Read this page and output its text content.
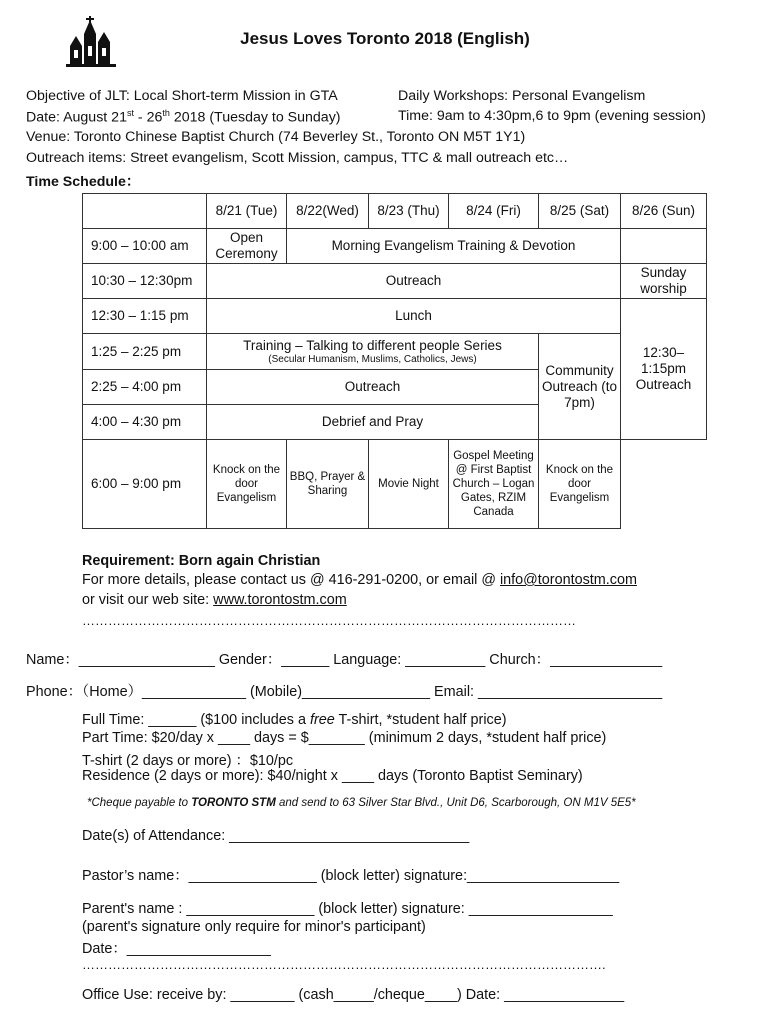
Jesus Loves Toronto 2018 (English)
Objective of JLT: Local Short-term Mission in GTA	Daily Workshops: Personal Evangelism
Date: August 21st - 26th 2018 (Tuesday to Sunday)	Time: 9am to 4:30pm,6 to 9pm (evening session)
Venue: Toronto Chinese Baptist Church (74 Beverley St., Toronto ON M5T 1Y1)
Outreach items: Street evangelism, Scott Mission, campus, TTC & mall outreach etc…
Time Schedule：
	8/21 (Tue)	8/22(Wed)	8/23 (Thu)	8/24 (Fri)	8/25 (Sat)	8/26 (Sun)
9:00 – 10:00 am	Open Ceremony	Morning Evangelism Training & Devotion				
10:30 – 12:30pm	Outreach					Sunday worship
12:30 – 1:15 pm	Lunch					12:30– 1:15pm Outreach
1:25 – 2:25 pm	Training – Talking to different people Series
(Secular Humanism, Muslims, Catholics, Jews)				Community Outreach (to 7pm)	
2:25 – 4:00 pm	Outreach					
4:00 – 4:30 pm	Debrief and Pray					
6:00 – 9:00 pm	Knock on the door Evangelism	BBQ, Prayer & Sharing	Movie Night	Gospel Meeting @ First Baptist Church – Logan Gates, RZIM Canada	Knock on the door Evangelism	
Requirement: Born again Christian
For more details, please contact us @ 416-291-0200, or email @ info@torontostm.com
or visit our web site: www.torontostm.com
……………………………………………………………………………………………………
Name：_________________ Gender：______ Language: __________ Church：______________
Phone：（Home）_____________ (Mobile)________________ Email: _______________________
Full Time: ______ ($100 includes a free T-shirt, *student half price)
Part Time: $20/day x ____ days = $_______ (minimum 2 days, *student half price)
T-shirt (2 days or more) ：$10/pc
Residence (2 days or more): $40/night x ____ days (Toronto Baptist Seminary)
*Cheque payable to TORONTO STM and send to 63 Silver Star Blvd., Unit D6, Scarborough, ON M1V 5E5*
Date(s) of Attendance: ______________________________
Pastor’s name：________________ (block letter) signature:___________________
Parent's name : ________________ (block letter) signature: __________________
(parent's signature only require for minor's participant)
Date：__________________
………………………………………………………………………………………………………….
Office Use: receive by: ________ (cash_____/cheque____) Date: _______________
